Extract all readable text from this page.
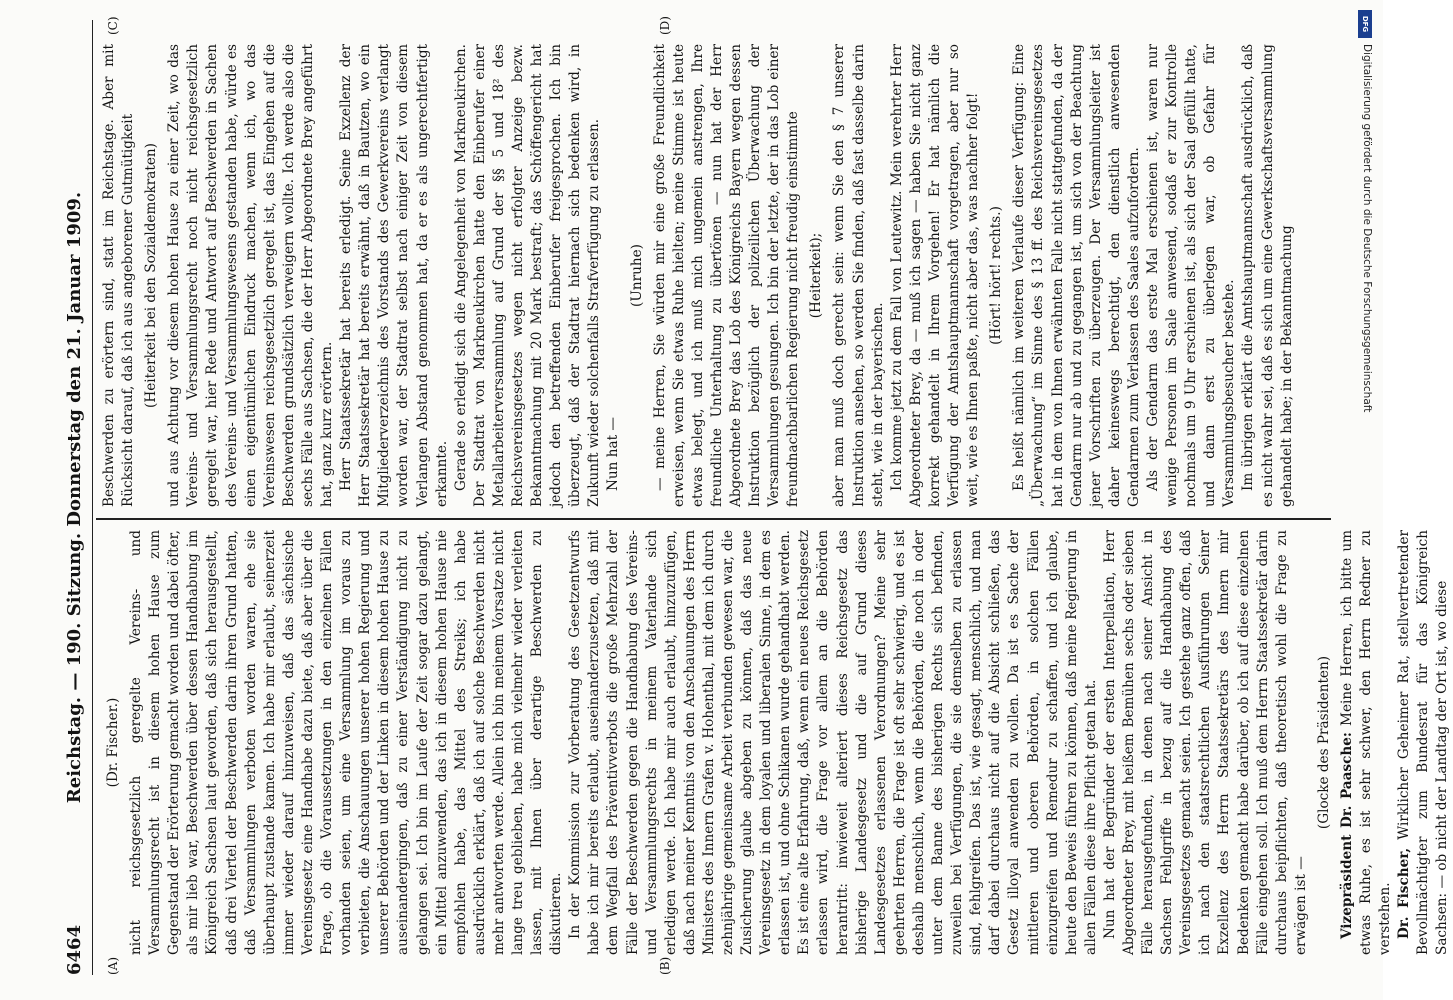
6464
Reichstag. — 190. Sitzung. Donnerstag den 21. Januar 1909.
(A)	(B)
(C)	(D)

(Dr. Fischer.) nicht reichsgesetzlich geregelte Vereins- und Versammlungsrecht ist in diesem hohen Hause zum Gegenstand der Erörterung gemacht worden und dabei öfter, als mir lieb war, Beschwerden über dessen Handhabung im Königreich Sachsen laut geworden, daß sich herausgestellt, daß drei Viertel der Beschwerden darin ihren Grund hatten, daß Versammlungen verboten worden waren, ehe sie überhaupt zustande kamen. Ich habe mir erlaubt, seinerzeit immer wieder darauf hinzuweisen, daß das sächsische Vereinsgesetz eine Handhabe dazu biete, daß aber über die Frage, ob die Voraussetzungen in den einzelnen Fällen vorhanden seien, um eine Versammlung im voraus zu verbieten, die Anschauungen unserer hohen Regierung und unserer Behörden und der Linken in diesem hohen Hause zu auseinandergingen, daß zu einer Verständigung nicht zu gelangen sei. Ich bin im Laufe der Zeit sogar dazu gelangt, ein Mittel anzuwenden, das ich in diesem hohen Hause nie empfohlen habe, das Mittel des Streiks; ich habe ausdrücklich erklärt, daß ich auf solche Beschwerden nicht mehr antworten werde. Allein ich bin meinem Vorsatze nicht lange treu geblieben, habe mich vielmehr wieder verleiten lassen, mit Ihnen über derartige Beschwerden zu diskutieren. In der Kommission zur Vorberatung des Gesetzentwurfs habe ich mir bereits erlaubt, auseinanderzusetzen, daß mit dem Wegfall des Präventivverbots die große Mehrzahl der Fälle der Beschwerden gegen die Handhabung des Vereins- und Versammlungsrechts in meinem Vaterlande sich erledigen werde. Ich habe mir auch erlaubt, hinzuzufügen, daß nach meiner Kenntnis von den Anschauungen des Herrn Ministers des Innern Grafen v. Hohenthal, mit dem ich durch zehnjährige gemeinsame Arbeit verbunden gewesen war, die Zusicherung glaube abgeben zu können, daß das neue Vereinsgesetz in dem loyalen und liberalen Sinne, in dem es erlassen ist, und ohne Schikanen wurde gehandhabt werden. Es ist eine alte Erfahrung, daß, wenn ein neues Reichsgesetz erlassen wird, die Frage vor allem an die Behörden herantritt: inwieweit alteriert dieses Reichsgesetz das bisherige Landesgesetz und die auf Grund dieses Landesgesetzes erlassenen Verordnungen? Meine sehr geehrten Herren, die Frage ist oft sehr schwierig, und es ist deshalb menschlich, wenn die Behörden, die noch in oder unter dem Banne des bisherigen Rechts sich befinden, zuweilen bei Verfügungen, die sie demselben zu erlassen sind, fehlgreifen. Das ist, wie gesagt, menschlich, und man darf dabei durchaus nicht auf die Absicht schließen, das Gesetz illoyal anwenden zu wollen. Da ist es Sache der mittleren und oberen Behörden, in solchen Fällen einzugreifen und Remedur zu schaffen, und ich glaube, heute den Beweis führen zu können, daß meine Regierung in allen Fällen diese ihre Pflicht getan hat. Nun hat der Begründer der ersten Interpellation, Herr Abgeordneter Brey, mit heißem Bemühen sechs oder sieben Fälle herausgefunden, in denen nach seiner Ansicht in Sachsen Fehlgriffe in bezug auf die Handhabung des Vereinsgesetzes gemacht seien. Ich gestehe ganz offen, daß ich nach den staatsrechtlichen Ausführungen Seiner Exzellenz des Herrn Staatssekretärs des Innern mir Bedenken gemacht habe darüber, ob ich auf diese einzelnen Fälle eingehen soll. Ich muß dem Herrn Staatssekretär darin durchaus beipflichten, daß theoretisch wohl die Frage zu erwägen ist —

(Glocke des Präsidenten) Vizepräsident Dr. Paasche: Meine Herren, ich bitte um etwas Ruhe, es ist sehr schwer, den Herrn Redner zu verstehen. Dr. Fischer, Wirklicher Geheimer Rat, stellvertretender Bevollmächtigter zum Bundesrat für das Königreich Sachsen: — ob nicht der Landtag der Ort ist, wo diese

Beschwerden zu erörtern sind, statt im Reichstage. Aber mit Rücksicht darauf, daß ich aus angeborener Gutmütigkeit (Heiterkeit bei den Sozialdemokraten) und aus Achtung vor diesem hohen Hause zu einer Zeit, wo das Vereins- und Versammlungsrecht noch nicht reichsgesetzlich geregelt war, hier Rede und Antwort auf Beschwerden in Sachen des Vereins- und Versammlungswesens gestanden habe, würde es einen eigentümlichen Eindruck machen, wenn ich, wo das Vereinswesen reichsgesetzlich geregelt ist, das Eingehen auf die Beschwerden grundsätzlich verweigern wollte. Ich werde also die sechs Fälle aus Sachsen, die der Herr Abgeordnete Brey angeführt hat, ganz kurz erörtern. Herr Staatssekretär hat bereits erledigt. Seine Exzellenz der Herr Staatssekretär hat bereits erwähnt, daß in Bautzen, wo ein Mitgliederverzeichnis des Vorstands des Gewerkvereins verlangt worden war, der Stadtrat selbst nach einiger Zeit von diesem Verlangen Abstand genommen hat, da er es als ungerechtfertigt erkannte. Gerade so erledigt sich die Angelegenheit von Markneukirchen. Der Stadtrat von Markneukirchen hatte den Einberufer einer Metallarbeiterversammlung auf Grund der §§ 5 und 18² des Reichsvereinsgesetzes wegen nicht erfolgter Anzeige bezw. Bekanntmachung mit 20 Mark bestraft; das Schöffengericht hat jedoch den betreffenden Einberufer freigesprochen. Ich bin überzeugt, daß der Stadtrat hiernach sich bedenken wird, in Zukunft wieder solchenfalls Strafverfügung zu erlassen. Nun hat —

(Unruhe) — meine Herren, Sie würden mir eine große Freundlichkeit erweisen, wenn Sie etwas Ruhe hielten; meine Stimme ist heute etwas belegt, und ich muß mich ungemein anstrengen, Ihre freundliche Unterhaltung zu übertönen — nun hat der Herr Abgeordnete Brey das Lob des Königreichs Bayern wegen dessen Instruktion bezüglich der polizeilichen Überwachung der Versammlungen gesungen. Ich bin der letzte, der in das Lob einer freundnachbarlichen Regierung nicht freudig einstimmte (Heiterkeit); aber man muß doch gerecht sein: wenn Sie den § 7 unserer Instruktion ansehen, so werden Sie finden, daß fast dasselbe darin steht, wie in der bayerischen. Ich komme jetzt zu dem Fall von Leutewitz. Mein verehrter Herr Abgeordneter Brey, da — muß ich sagen — haben Sie nicht ganz korrekt gehandelt in Ihrem Vorgehen! Er hat nämlich die Verfügung der Amtshauptmannschaft vorgetragen, aber nur so weit, wie es Ihnen paßte, nicht aber das, was nachher folgt! (Hört! hört! rechts.) Es heißt nämlich im weiteren Verlaufe dieser Verfügung: Eine „Überwachung“ im Sinne des § 13 ff. des Reichsvereinsgesetzes hat in dem von Ihnen erwähnten Falle nicht stattgefunden, da der Gendarm nur ab und zu gegangen ist, um sich von der Beachtung jener Vorschriften zu überzeugen. Der Versammlungsleiter ist daher keineswegs berechtigt, den dienstlich anwesenden Gendarmen zum Verlassen des Saales aufzufordern. Als der Gendarm das erste Mal erschienen ist, waren nur wenige Personen im Saale anwesend, sodaß er zur Kontrolle nochmals um 9 Uhr erschienen ist, als sich der Saal gefüllt hatte, und dann erst zu überlegen war, ob Gefahr für Versammlungsbesucher bestehe. Im übrigen erklärt die Amtshauptmannschaft ausdrücklich, daß es nicht wahr sei, daß es sich um eine Gewerkschaftsversammlung gehandelt habe; in der Bekanntmachung

DFG
Digitalisierung gefördert durch die Deutsche Forschungsgemeinschaft
